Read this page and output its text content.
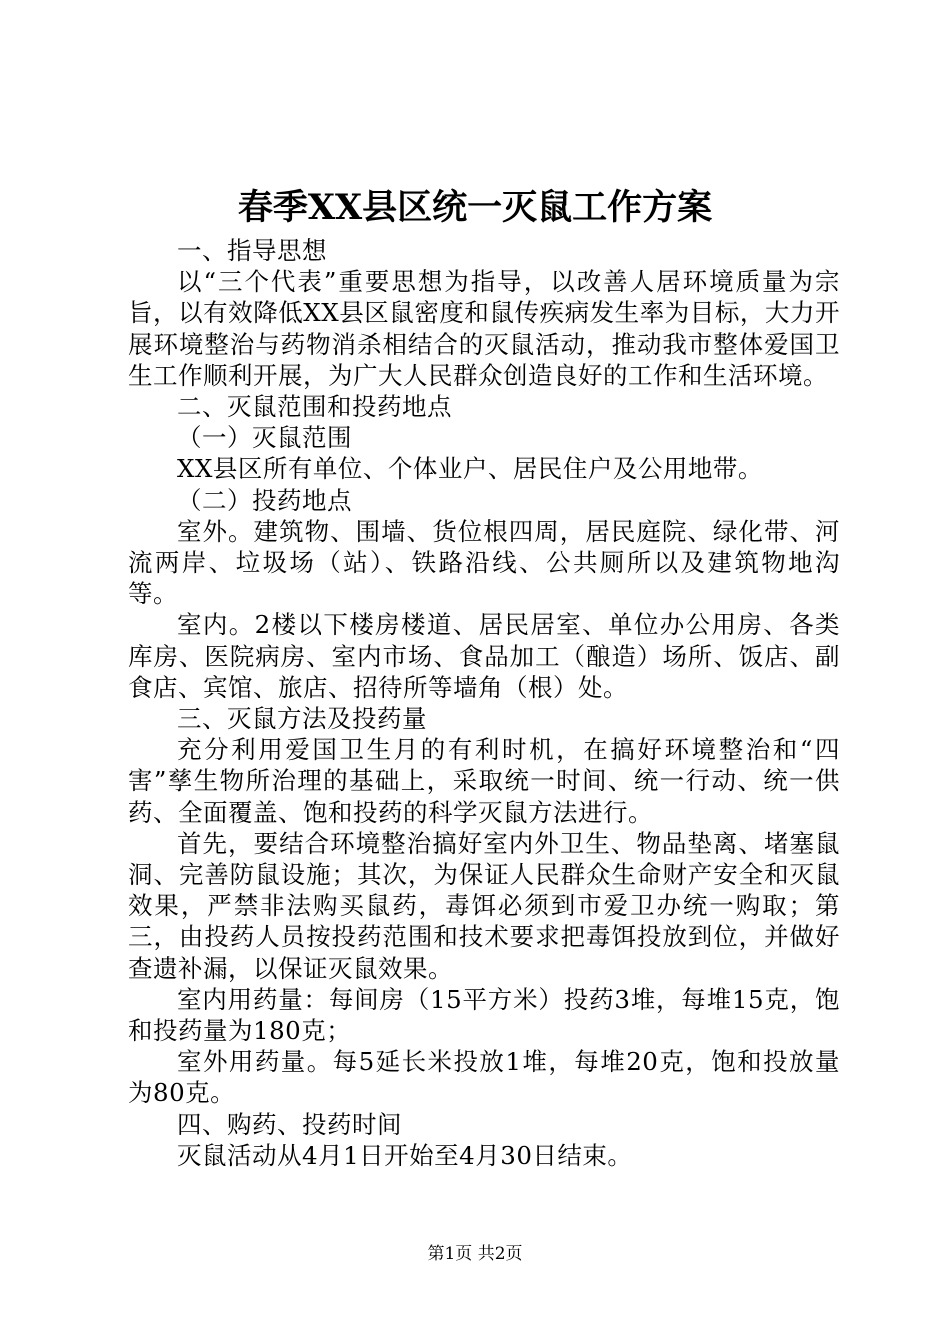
春季XX县区统一灭鼠工作方案

一、指导思想

以“三个代表”重要思想为指导，以改善人居环境质量为宗旨，以有效降低XX县区鼠密度和鼠传疾病发生率为目标，大力开展环境整治与药物消杀相结合的灭鼠活动，推动我市整体爱国卫生工作顺利开展，为广大人民群众创造良好的工作和生活环境。

二、灭鼠范围和投药地点

（一）灭鼠范围

XX县区所有单位、个体业户、居民住户及公用地带。

（二）投药地点

室外。建筑物、围墙、货位根四周，居民庭院、绿化带、河流两岸、垃圾场（站）、铁路沿线、公共厕所以及建筑物地沟等。

室内。2楼以下楼房楼道、居民居室、单位办公用房、各类库房、医院病房、室内市场、食品加工（酿造）场所、饭店、副食店、宾馆、旅店、招待所等墙角（根）处。

三、灭鼠方法及投药量

充分利用爱国卫生月的有利时机，在搞好环境整治和“四害”孳生物所治理的基础上，采取统一时间、统一行动、统一供药、全面覆盖、饱和投药的科学灭鼠方法进行。

首先，要结合环境整治搞好室内外卫生、物品垫离、堵塞鼠洞、完善防鼠设施；其次，为保证人民群众生命财产安全和灭鼠效果，严禁非法购买鼠药，毒饵必须到市爱卫办统一购取；第三，由投药人员按投药范围和技术要求把毒饵投放到位，并做好查遗补漏，以保证灭鼠效果。

室内用药量：每间房（15平方米）投药3堆，每堆15克，饱和投药量为180克；

室外用药量。每5延长米投放1堆，每堆20克，饱和投放量为80克。

四、购药、投药时间

灭鼠活动从4月1日开始至4月30日结束。

第1页 共2页
